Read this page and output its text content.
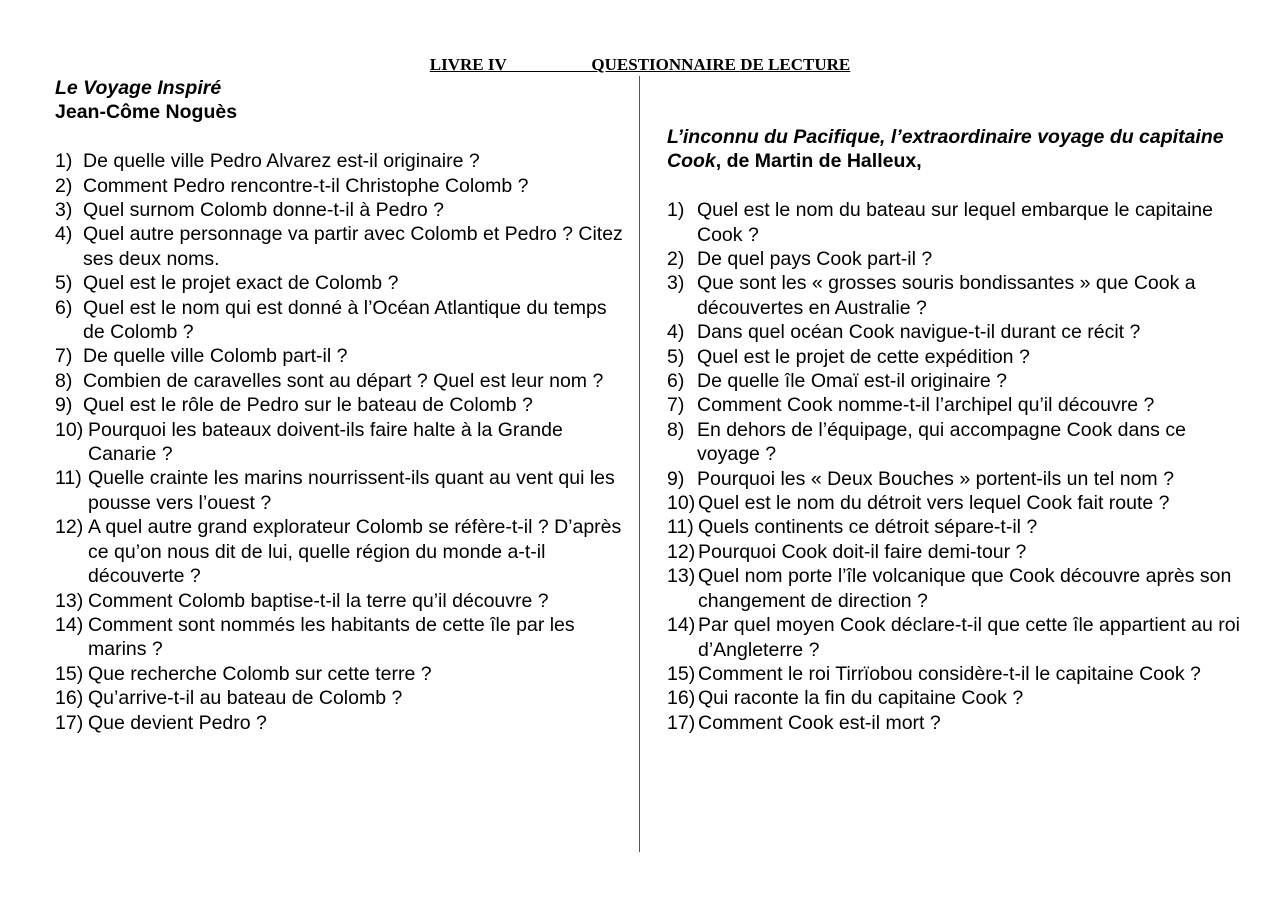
LIVRE IV	QUESTIONNAIRE DE LECTURE
Le Voyage Inspiré
Jean-Côme Noguès
1) De quelle ville Pedro Alvarez est-il originaire ?
2) Comment Pedro rencontre-t-il Christophe Colomb ?
3) Quel surnom Colomb donne-t-il à Pedro ?
4) Quel autre personnage va partir avec Colomb et Pedro ? Citez ses deux noms.
5) Quel est le projet exact de Colomb ?
6) Quel est le nom qui est donné à l’Océan Atlantique du temps de Colomb ?
7) De quelle ville Colomb part-il ?
8) Combien de caravelles sont au départ ? Quel est leur nom ?
9) Quel est le rôle de Pedro sur le bateau de Colomb ?
10) Pourquoi les bateaux doivent-ils faire halte à la Grande Canarie ?
11) Quelle crainte les marins nourrissent-ils quant au vent qui les pousse vers l’ouest ?
12) A quel autre grand explorateur Colomb se réfère-t-il ? D’après ce qu’on nous dit de lui, quelle région du monde a-t-il découverte ?
13) Comment Colomb baptise-t-il la terre qu’il découvre ?
14) Comment sont nommés les habitants de cette île par les marins ?
15) Que recherche Colomb sur cette terre ?
16) Qu’arrive-t-il au bateau de Colomb ?
17) Que devient Pedro ?
L’inconnu du Pacifique, l’extraordinaire voyage du capitaine Cook, de Martin de Halleux,
1) Quel est le nom du bateau sur lequel embarque le capitaine Cook ?
2) De quel pays Cook part-il ?
3) Que sont les « grosses souris bondissantes » que Cook a découvertes en Australie ?
4) Dans quel océan Cook navigue-t-il durant ce récit ?
5) Quel est le projet de cette expédition ?
6) De quelle île Omaï est-il originaire ?
7) Comment Cook nomme-t-il l’archipel qu’il découvre ?
8) En dehors de l’équipage, qui accompagne Cook dans ce voyage ?
9) Pourquoi les « Deux Bouches » portent-ils un tel nom ?
10) Quel est le nom du détroit vers lequel Cook fait route ?
11) Quels continents ce détroit sépare-t-il ?
12) Pourquoi Cook doit-il faire demi-tour ?
13) Quel nom porte l’île volcanique que Cook découvre après son changement de direction ?
14) Par quel moyen Cook déclare-t-il que cette île appartient au roi d’Angleterre ?
15) Comment le roi Tirrïobou considère-t-il le capitaine Cook ?
16) Qui raconte la fin du capitaine Cook ?
17) Comment Cook est-il mort ?
